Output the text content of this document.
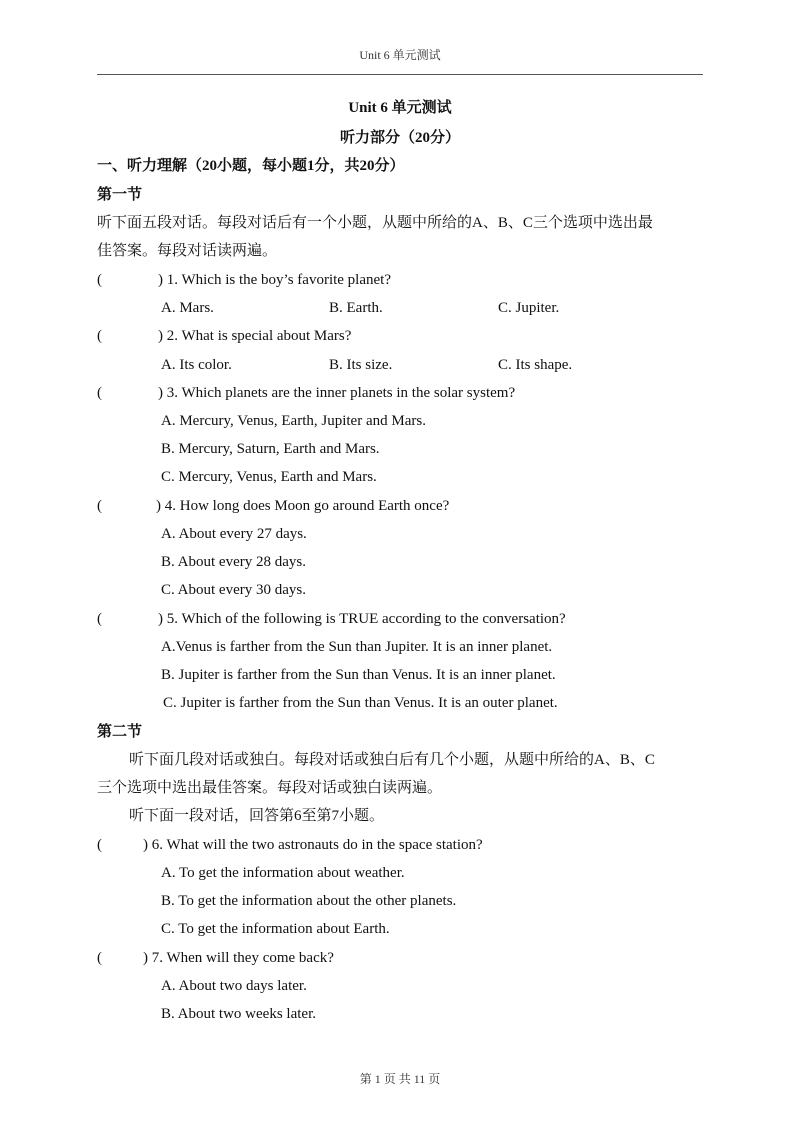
Unit 6 单元测试
Unit 6 单元测试
听力部分（20分）
一、听力理解（20小题，每小题1分，共20分）
第一节
听下面五段对话。每段对话后有一个小题，从题中所给的A、B、C三个选项中选出最
佳答案。每段对话读两遍。
(	) 1. Which is the boy’s favorite planet?
A. Mars.	B. Earth.	C. Jupiter.
(	) 2. What is special about Mars?
A. Its color.	B. Its size.	C. Its shape.
(	) 3. Which planets are the inner planets in the solar system?
A. Mercury, Venus, Earth, Jupiter and Mars.
B. Mercury, Saturn, Earth and Mars.
C. Mercury, Venus, Earth and Mars.
(	) 4. How long does Moon go around Earth once?
A. About every 27 days.
B. About every 28 days.
C. About every 30 days.
(	) 5. Which of the following is TRUE according to the conversation?
A.Venus is farther from the Sun than Jupiter. It is an inner planet.
B. Jupiter is farther from the Sun than Venus. It is an inner planet.
C. Jupiter is farther from the Sun than Venus. It is an outer planet.
第二节
听下面几段对话或独白。每段对话或独白后有几个小题，从题中所给的A、B、C
三个选项中选出最佳答案。每段对话或独白读两遍。
听下面一段对话，回答第6至第7小题。
(	) 6. What will the two astronauts do in the space station?
A. To get the information about weather.
B. To get the information about the other planets.
C. To get the information about Earth.
(	) 7. When will they come back?
A. About two days later.
B. About two weeks later.
第 1 页 共 11 页
